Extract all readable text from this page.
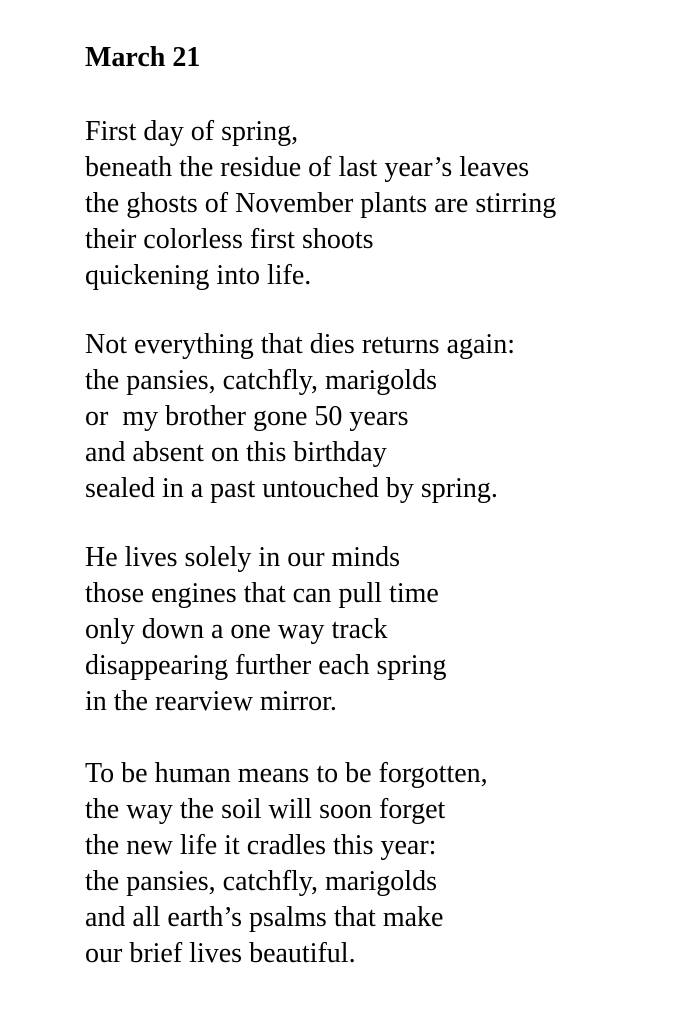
March 21
First day of spring,
beneath the residue of last year’s leaves
the ghosts of November plants are stirring
their colorless first shoots
quickening into life.
Not everything that dies returns again:
the pansies, catchfly, marigolds
or  my brother gone 50 years
and absent on this birthday
sealed in a past untouched by spring.
He lives solely in our minds
those engines that can pull time
only down a one way track
disappearing further each spring
in the rearview mirror.
To be human means to be forgotten,
the way the soil will soon forget
the new life it cradles this year:
the pansies, catchfly, marigolds
and all earth’s psalms that make
our brief lives beautiful.
